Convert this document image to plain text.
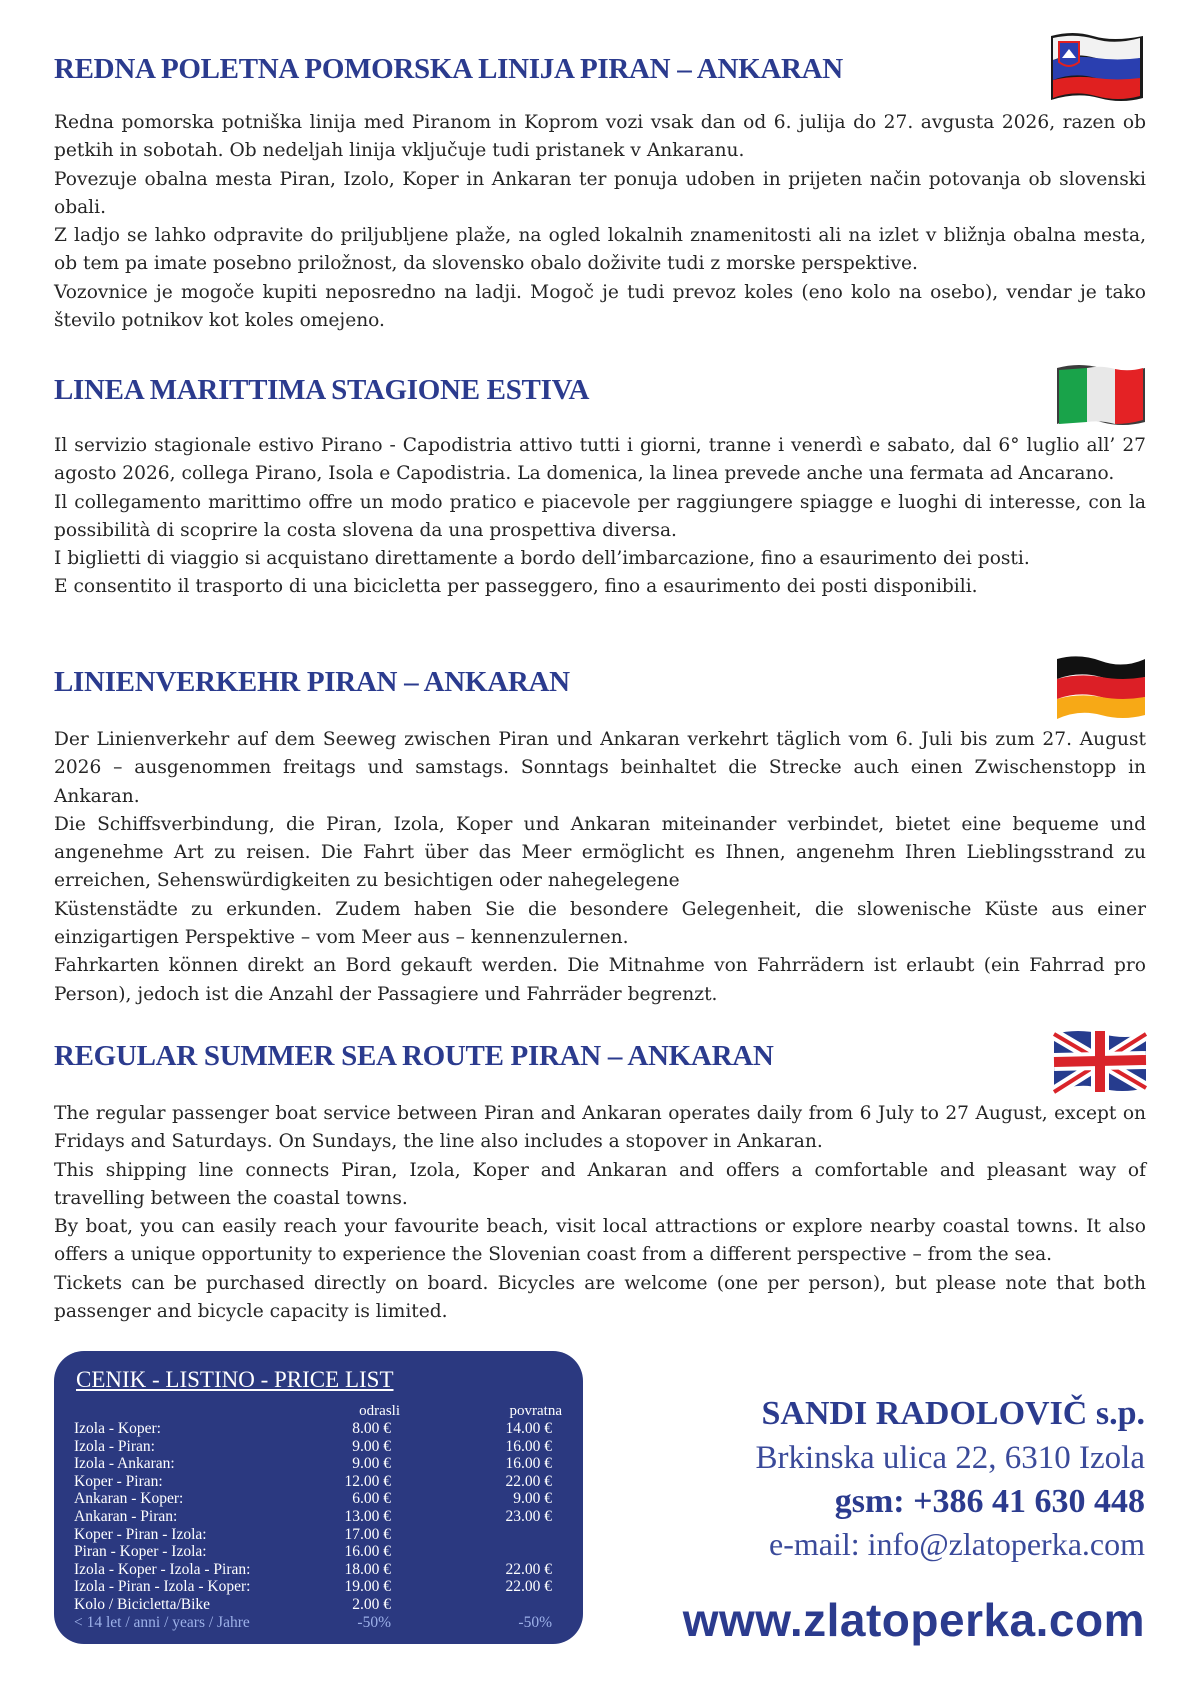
REDNA POLETNA POMORSKA LINIJA PIRAN – ANKARAN

Redna pomorska potniška linija med Piranom in Koprom vozi vsak dan od 6. julija do 27. avgusta 2026, razen ob petkih in sobotah. Ob nedeljah linija vključuje tudi pristanek v Ankaranu.

Povezuje obalna mesta Piran, Izolo, Koper in Ankaran ter ponuja udoben in prijeten način potovanja ob slovenski obali.

Z ladjo se lahko odpravite do priljubljene plaže, na ogled lokalnih znamenitosti ali na izlet v bližnja obalna mesta, ob tem pa imate posebno priložnost, da slovensko obalo doživite tudi z morske perspektive.

Vozovnice je mogoče kupiti neposredno na ladji. Mogoč je tudi prevoz koles (eno kolo na osebo), vendar je tako število potnikov kot koles omejeno.

LINEA MARITTIMA STAGIONE ESTIVA

Il servizio stagionale estivo Pirano - Capodistria attivo tutti i giorni, tranne i venerdì e sabato, dal 6° luglio all’ 27 agosto 2026, collega Pirano, Isola e Capodistria. La domenica, la linea prevede anche una fermata ad Ancarano.

Il collegamento marittimo offre un modo pratico e piacevole per raggiungere spiagge e luoghi di interesse, con la possibilità di scoprire la costa slovena da una prospettiva diversa.

I biglietti di viaggio si acquistano direttamente a bordo dell’imbarcazione, fino a esaurimento dei posti.

E consentito il trasporto di una bicicletta per passeggero, fino a esaurimento dei posti disponibili.

LINIENVERKEHR PIRAN – ANKARAN

Der Linienverkehr auf dem Seeweg zwischen Piran und Ankaran verkehrt täglich vom 6. Juli bis zum 27. August 2026 – ausgenommen freitags und samstags. Sonntags beinhaltet die Strecke auch einen Zwischenstopp in Ankaran.

Die Schiffsverbindung, die Piran, Izola, Koper und Ankaran miteinander verbindet, bietet eine bequeme und angenehme Art zu reisen. Die Fahrt über das Meer ermöglicht es Ihnen, angenehm Ihren Lieblingsstrand zu erreichen, Sehenswürdigkeiten zu besichtigen oder nahegelegene

Küstenstädte zu erkunden. Zudem haben Sie die besondere Gelegenheit, die slowenische Küste aus einer einzigartigen Perspektive – vom Meer aus – kennenzulernen.

Fahrkarten können direkt an Bord gekauft werden. Die Mitnahme von Fahrrädern ist erlaubt (ein Fahrrad pro Person), jedoch ist die Anzahl der Passagiere und Fahrräder begrenzt.

REGULAR SUMMER SEA ROUTE PIRAN – ANKARAN

The regular passenger boat service between Piran and Ankaran operates daily from 6 July to 27 August, except on Fridays and Saturdays. On Sundays, the line also includes a stopover in Ankaran.

This shipping line connects Piran, Izola, Koper and Ankaran and offers a comfortable and pleasant way of travelling between the coastal towns.

By boat, you can easily reach your favourite beach, visit local attractions or explore nearby coastal towns. It also offers a unique opportunity to experience the Slovenian coast from a different perspective – from the sea.

Tickets can be purchased directly on board. Bicycles are welcome (one per person), but please note that both passenger and bicycle capacity is limited.

CENIK - LISTINO - PRICE LIST
odrasli	povratna
Izola - Koper:	8.00 €	14.00 €
Izola - Piran:	9.00 €	16.00 €
Izola - Ankaran:	9.00 €	16.00 €
Koper - Piran:	12.00 €	22.00 €
Ankaran - Koper:	6.00 €	9.00 €
Ankaran - Piran:	13.00 €	23.00 €
Koper - Piran - Izola:	17.00 €
Piran - Koper - Izola:	16.00 €
Izola - Koper - Izola - Piran:	18.00 €	22.00 €
Izola - Piran - Izola - Koper:	19.00 €	22.00 €
Kolo / Bicicletta/Bike	2.00 €
< 14 let / anni / years / Jahre	-50%	-50%
SANDI RADOLOVIČ s.p.
Brkinska ulica 22, 6310 Izola
gsm: +386 41 630 448
e-mail: info@zlatoperka.com
www.zlatoperka.com
